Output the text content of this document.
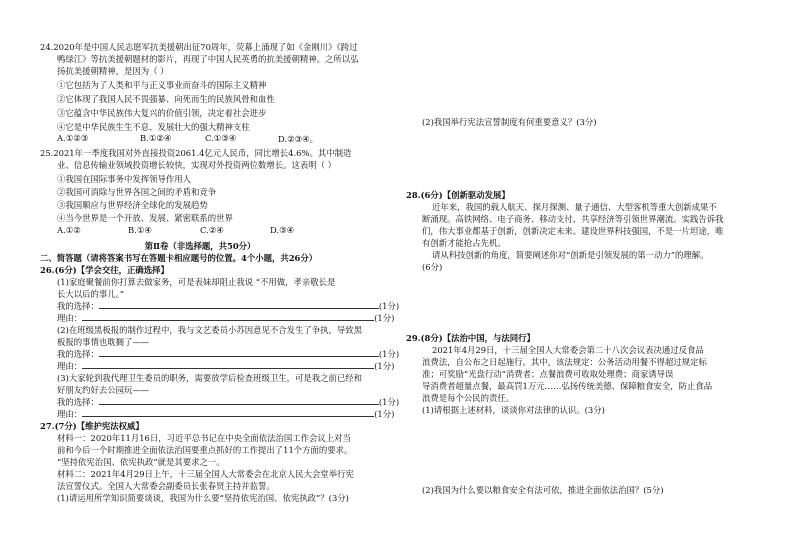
24.2020年是中国人民志愿军抗美援朝出征70周年，荧幕上涌现了如《金刚川》《跨过
鸭绿江》等抗美援朝题材的影片，再现了中国人民英勇的抗美援朝精神。之所以弘
扬抗美援朝精神，是因为（ ）
①它包括为了人类和平与正义事业而奋斗的国际主义精神
②它体现了我国人民不畏强暴、向死而生的民族风骨和血性
③它蕴含中华民族伟大复兴的价值引领，决定着社会进步
④它是中华民族生生不息、发展壮大的强大精神支柱
A.①②③	B.①②④	C.①③④	D.②③④。
25.2021年一季度我国对外直接投资2061.4亿元人民币，同比增长4.6%。其中制造
业、信息传输业领域投资增长较快，实现对外投资两位数增长。这表明（ ）
①我国在国际事务中发挥领导作用人
②我国可消除与世界各国之间的矛盾和竞争
③我国顺应与世界经济全球化的发展趋势
④当今世界是一个开放、发展、紧密联系的世界
A.①②	B.①④	C.②④	D.③④
第Ⅱ卷（非选择题，共50分）
二、简答题（请将答案书写在答题卡相应题号的位置。4个小题，共26分）
26.(6分)【学会交往，正确选择】
(1)家庭聚餐前你打算去做家务，可是表妹却阻止我说 “不用做，孝亲敬长是
长大以后的事儿。”
我的选择：	(1分)
理由：	(1分)
(2)在班级黑板报的制作过程中，我与文艺委员小苏因意见不合发生了争执，导致黑
板报的事情也耽搁了——
我的选择：	(1分)
理由：	(1分)
(3)大家轮到我代理卫生委员的职务，需要放学后检查班级卫生，可是我之前已经和
好朋友约好去公园玩——
我的选择：	(1分)
理由：	(1分)
27.(7分)【维护宪法权威】
材料一：2020年11月16日，习近平总书记在中央全面依法治国工作会议上对当
前和今后一个时期推进全面依法治国要重点抓好的工作提出了11个方面的要求。
“坚持依宪治国、依宪执政”就是其要求之一。
材料二：2021年4月29日上午，十三届全国人大常委会在北京人民大会堂举行宪
法宣誓仪式。全国人大常委会副委员长张春贤主持并监誓。
(1)请运用所学知识简要谈谈，我国为什么要“坚持依宪治国、依宪执政”？(3分)
(2)我国举行宪法宣誓制度有何重要意义？(3分)
28.(6分)【创新驱动发展】
近年来，我国的载人航天、探月探测、量子通信、大型客机等重大创新成果不
断涌现。高铁网络、电子商务、移动支付、共享经济等引领世界潮流。实践告诉我
们，伟大事业都基于创新，创新决定未来。建设世界科技强国，不是一片坦途，唯
有创新才能抢占先机。
请从科技创新的角度，简要阐述你对“创新是引领发展的第一动力”的理解。
(6分)
29.(8分)【法治中国，与法同行】
2021年4月29日，十三届全国人大常委会第二十八次会议表决通过反食品
浪费法，自公布之日起施行。其中，该法规定：公务活动用餐不得超过规定标
准；可奖励“光盘行动”消费者；点餐浪费可收取处理费；商家诱导误
导消费者超量点餐，最高罚1万元……弘扬传统美德、保障粮食安全，防止食品
浪费是每个公民的责任。
(1)请根据上述材料，谈谈你对法律的认识。(3分)
(2)我国为什么要以粮食安全有法可依，推进全面依法治国？(5分)
